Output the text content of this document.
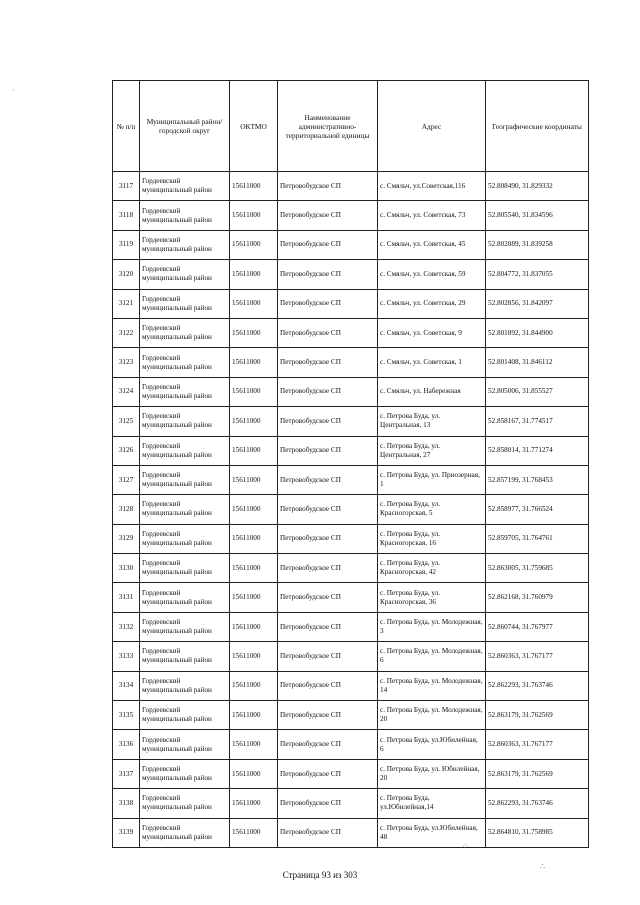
№ п/п	Муниципальный район/городской округ	ОКТМО	Наименование административно-территориальной единицы	Адрес	Географические координаты
3117	Гордеевский муниципальный район	15611000	Петровобудское СП	с. Смяльч, ул.Советская,116	52.808490, 31.829332
3118	Гордеевский муниципальный район	15611000	Петровобудское СП	с. Смяльч, ул. Советская, 73	52.805540, 31.834596
3119	Гордеевский муниципальный район	15611000	Петровобудское СП	с. Смяльч, ул. Советская, 45	52.802889, 31.839258
3120	Гордеевский муниципальный район	15611000	Петровобудское СП	с. Смяльч, ул. Советская, 59	52.804772, 31.837055
3121	Гордеевский муниципальный район	15611000	Петровобудское СП	с. Смяльч, ул. Советская, 29	52.802856, 31.842097
3122	Гордеевский муниципальный район	15611000	Петровобудское СП	с. Смяльч, ул. Советская, 9	52.801892, 31.844900
3123	Гордеевский муниципальный район	15611000	Петровобудское СП	с. Смяльч, ул. Советская, 1	52.801408, 31.846112
3124	Гордеевский муниципальный район	15611000	Петровобудское СП	с. Смяльч, ул. Набережная	52.805006, 31.855527
3125	Гордеевский муниципальный район	15611000	Петровобудское СП	с. Петрова Буда, ул. Центральная, 13	52.858167, 31.774517
3126	Гордеевский муниципальный район	15611000	Петровобудское СП	с. Петрова Буда, ул. Центральная, 27	52.858014, 31.771274
3127	Гордеевский муниципальный район	15611000	Петровобудское СП	с. Петрова Буда, ул. Приозерная, 1	52.857199, 31.768453
3128	Гордеевский муниципальный район	15611000	Петровобудское СП	с. Петрова Буда, ул. Красногорская, 5	52.858977, 31.766524
3129	Гордеевский муниципальный район	15611000	Петровобудское СП	с. Петрова Буда, ул. Красногорская, 16	52.859705, 31.764761
3130	Гордеевский муниципальный район	15611000	Петровобудское СП	с. Петрова Буда, ул. Красногорская, 42	52.863005, 31.759685
3131	Гордеевский муниципальный район	15611000	Петровобудское СП	с. Петрова Буда, ул. Красногорская, 36	52.862168, 31.760979
3132	Гордеевский муниципальный район	15611000	Петровобудское СП	с. Петрова Буда, ул. Молодежная, 3	52.860744, 31.767977
3133	Гордеевский муниципальный район	15611000	Петровобудское СП	с. Петрова Буда, ул. Молодежная, 6	52.860363, 31.767177
3134	Гордеевский муниципальный район	15611000	Петровобудское СП	с. Петрова Буда, ул. Молодежная, 14	52.862293, 31.763746
3135	Гордеевский муниципальный район	15611000	Петровобудское СП	с. Петрова Буда, ул. Молодежная, 20	52.863179, 31.762569
3136	Гордеевский муниципальный район	15611000	Петровобудское СП	с. Петрова Буда, ул.Юбилейная, 6	52.860363, 31.767177
3137	Гордеевский муниципальный район	15611000	Петровобудское СП	с. Петрова Буда, ул. Юбилейная, 20	52.863179, 31.762569
3138	Гордеевский муниципальный район	15611000	Петровобудское СП	с. Петрова Буда, ул.Юбилейная,14	52.862293, 31.763746
3139	Гордеевский муниципальный район	15611000	Петровобудское СП	с. Петрова Буда, ул.Юбилейная, 48	52.864810, 31.758985
Страница 93 из 303
·
⁘
∴
